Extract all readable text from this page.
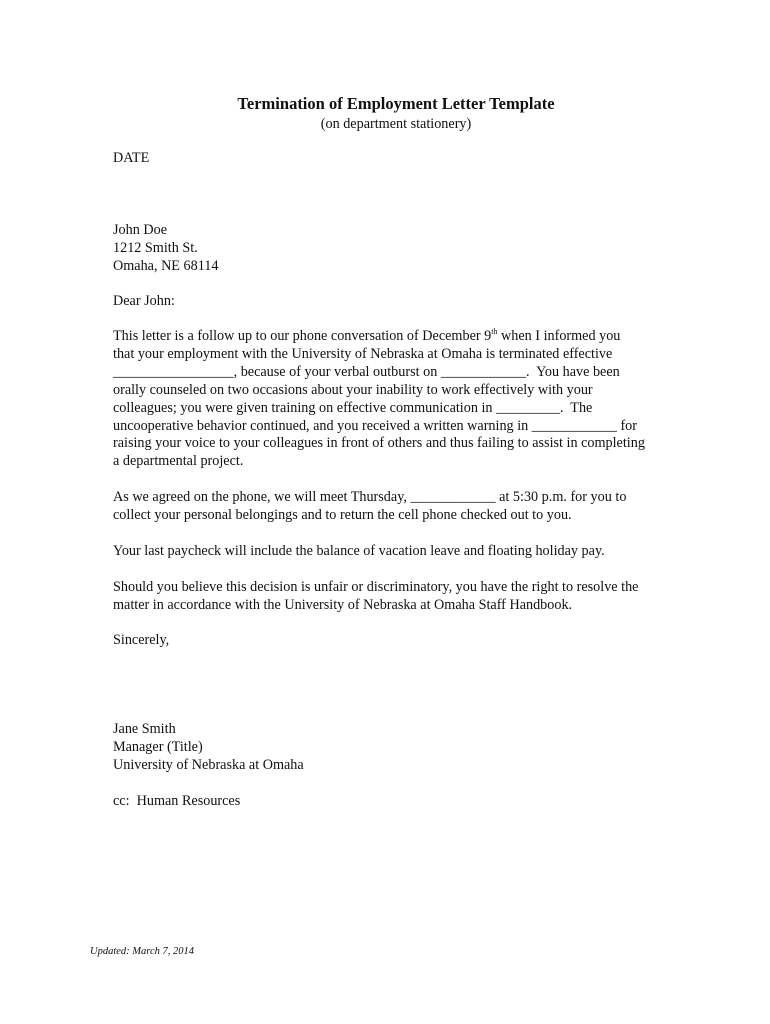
Termination of Employment Letter Template
(on department stationery)
DATE
John Doe
1212 Smith St.
Omaha, NE 68114
Dear John:
This letter is a follow up to our phone conversation of December 9th when I informed you
that your employment with the University of Nebraska at Omaha is terminated effective
_________________, because of your verbal outburst on ____________.  You have been
orally counseled on two occasions about your inability to work effectively with your
colleagues; you were given training on effective communication in _________.  The
uncooperative behavior continued, and you received a written warning in ____________ for
raising your voice to your colleagues in front of others and thus failing to assist in completing
a departmental project.
As we agreed on the phone, we will meet Thursday, ____________ at 5:30 p.m. for you to
collect your personal belongings and to return the cell phone checked out to you.
Your last paycheck will include the balance of vacation leave and floating holiday pay.
Should you believe this decision is unfair or discriminatory, you have the right to resolve the
matter in accordance with the University of Nebraska at Omaha Staff Handbook.
Sincerely,
Jane Smith
Manager (Title)
University of Nebraska at Omaha
cc:  Human Resources
Updated: March 7, 2014
